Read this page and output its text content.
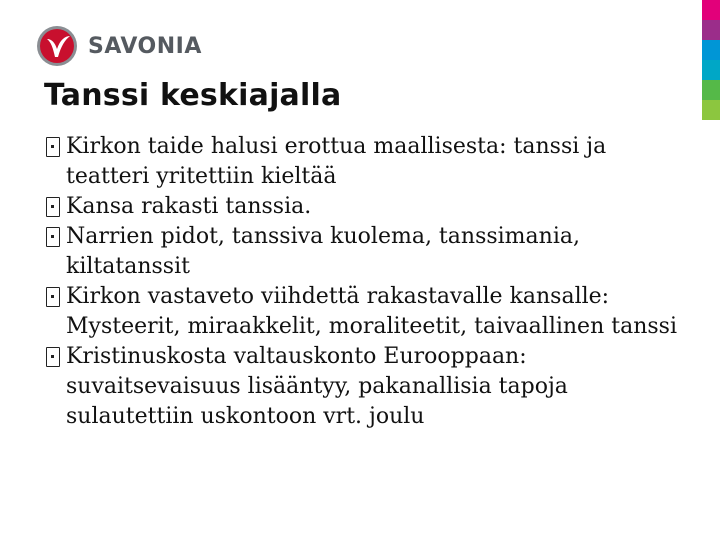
SAVONIA
Tanssi keskiajalla
Kirkon taide halusi erottua maallisesta: tanssi ja teatteri yritettiin kieltää
Kansa rakasti tanssia.
Narrien pidot, tanssiva kuolema, tanssimania, kiltatanssit
Kirkon vastaveto viihdettä rakastavalle kansalle: Mysteerit, miraakkelit, moraliteetit, taivaallinen tanssi
Kristinuskosta valtauskonto Eurooppaan: suvaitsevaisuus lisääntyy, pakanallisia tapoja sulautettiin uskontoon vrt. joulu
